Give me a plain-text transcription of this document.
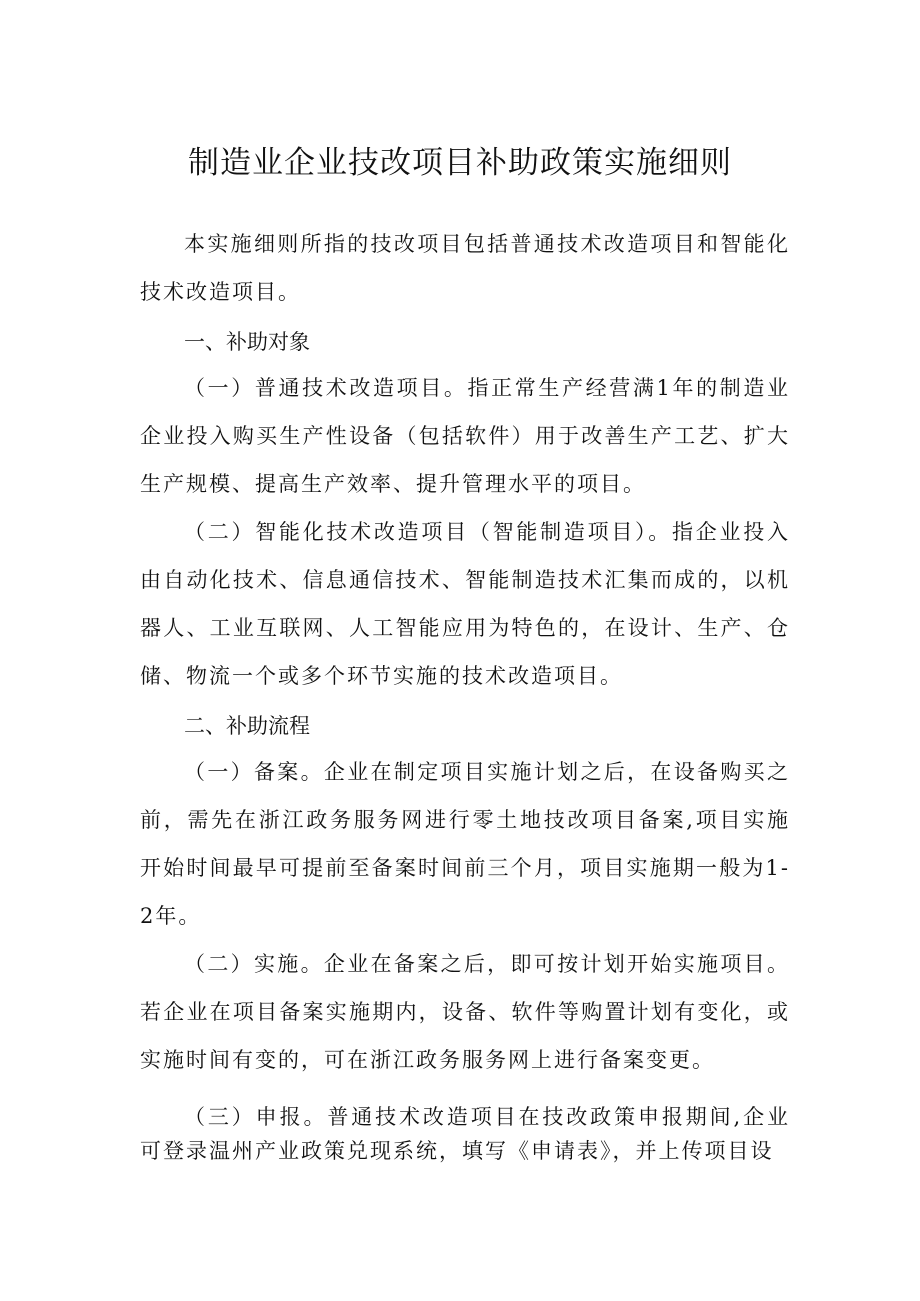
制造业企业技改项目补助政策实施细则

本实施细则所指的技改项目包括普通技术改造项目和智能化技术改造项目。

一、补助对象

（一）普通技术改造项目。指正常生产经营满1年的制造业企业投入购买生产性设备（包括软件）用于改善生产工艺、扩大生产规模、提高生产效率、提升管理水平的项目。

（二）智能化技术改造项目（智能制造项目）。指企业投入由自动化技术、信息通信技术、智能制造技术汇集而成的，以机器人、工业互联网、人工智能应用为特色的，在设计、生产、仓储、物流一个或多个环节实施的技术改造项目。

二、补助流程

（一）备案。企业在制定项目实施计划之后，在设备购买之前，需先在浙江政务服务网进行零土地技改项目备案,项目实施开始时间最早可提前至备案时间前三个月，项目实施期一般为1-2年。

（二）实施。企业在备案之后，即可按计划开始实施项目。若企业在项目备案实施期内，设备、软件等购置计划有变化，或实施时间有变的，可在浙江政务服务网上进行备案变更。

（三）申报。普通技术改造项目在技改政策申报期间,企业可登录温州产业政策兑现系统，填写《申请表》，并上传项目设
